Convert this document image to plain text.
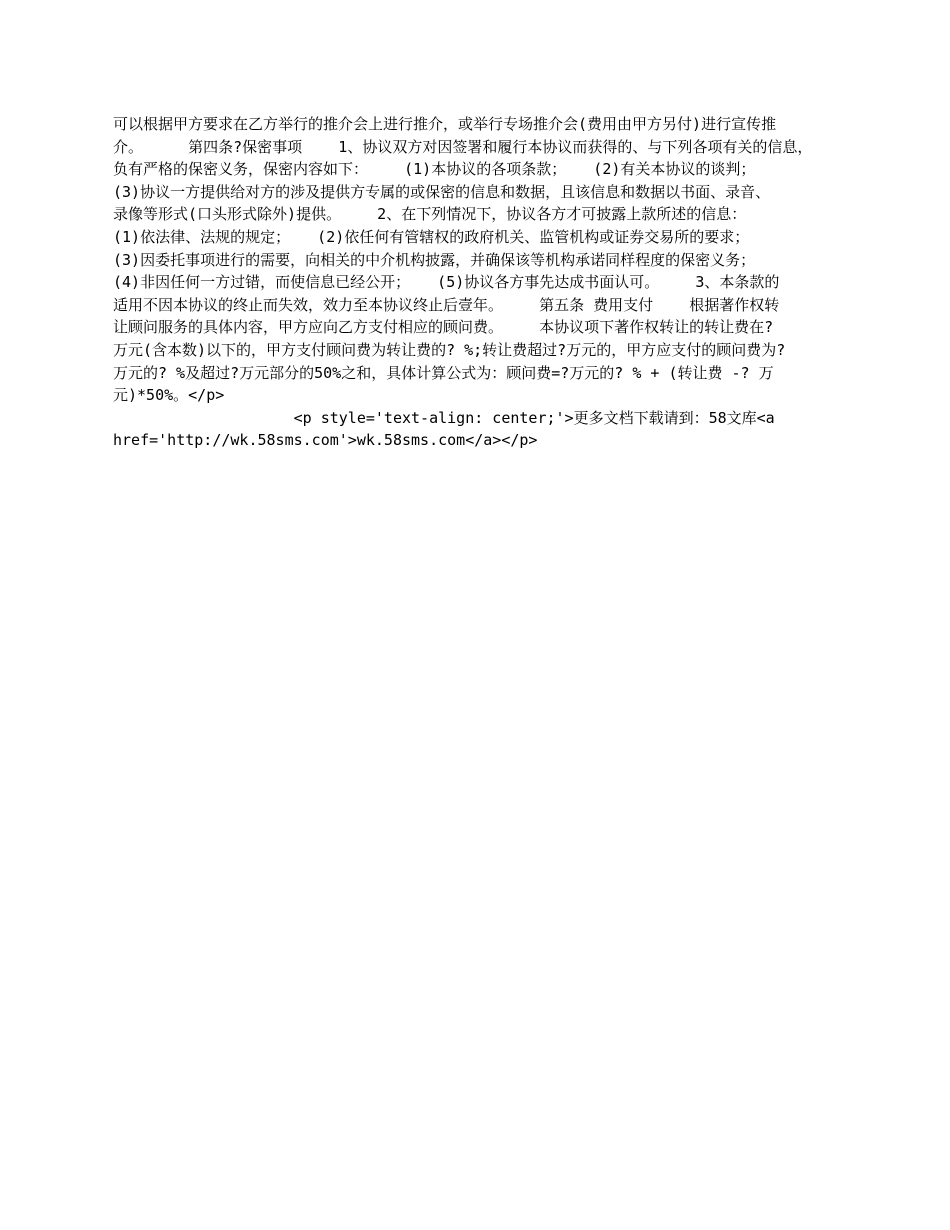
可以根据甲方要求在乙方举行的推介会上进行推介，或举行专场推介会(费用由甲方另付)进行宣传推
介。     第四条?保密事项    1、协议双方对因签署和履行本协议而获得的、与下列各项有关的信息，
负有严格的保密义务，保密内容如下：    (1)本协议的各项条款；   (2)有关本协议的谈判；
(3)协议一方提供给对方的涉及提供方专属的或保密的信息和数据，且该信息和数据以书面、录音、
录像等形式(口头形式除外)提供。    2、在下列情况下，协议各方才可披露上款所述的信息：
(1)依法律、法规的规定；   (2)依任何有管辖权的政府机关、监管机构或证券交易所的要求；
(3)因委托事项进行的需要，向相关的中介机构披露，并确保该等机构承诺同样程度的保密义务；
(4)非因任何一方过错，而使信息已经公开；   (5)协议各方事先达成书面认可。    3、本条款的
适用不因本协议的终止而失效，效力至本协议终止后壹年。    第五条 费用支付    根据著作权转
让顾问服务的具体内容，甲方应向乙方支付相应的顾问费。    本协议项下著作权转让的转让费在?
万元(含本数)以下的，甲方支付顾问费为转让费的? %;转让费超过?万元的，甲方应支付的顾问费为?
万元的? %及超过?万元部分的50%之和，具体计算公式为：顾问费=?万元的? % + (转让费 -? 万
元)*50%。</p>
<p style='text-align: center;'>更多文档下载请到：58文库<a
href='http://wk.58sms.com'>wk.58sms.com</a></p>
